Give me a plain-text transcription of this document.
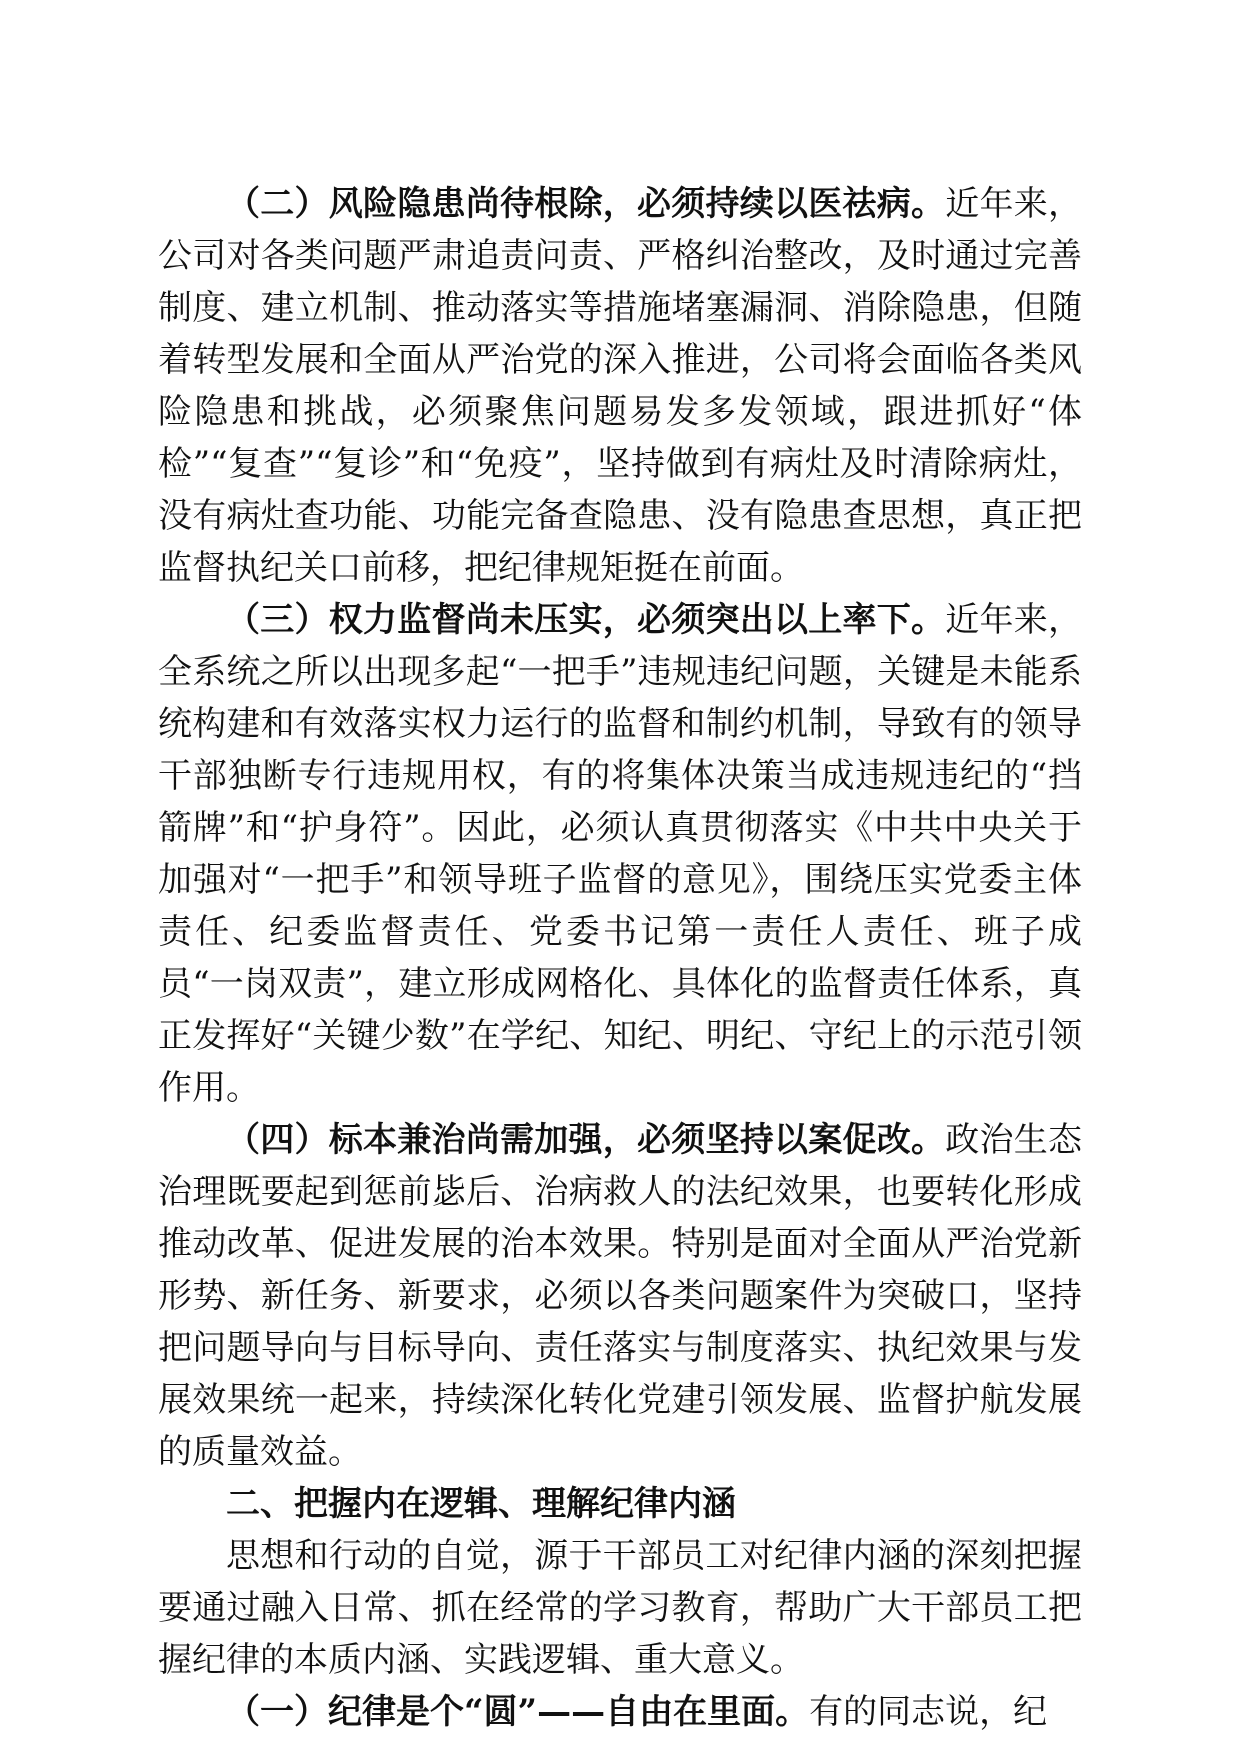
（二）风险隐患尚待根除，必须持续以医祛病。近年来，公司对各类问题严肃追责问责、严格纠治整改，及时通过完善制度、建立机制、推动落实等措施堵塞漏洞、消除隐患，但随着转型发展和全面从严治党的深入推进，公司将会面临各类风险隐患和挑战，必须聚焦问题易发多发领域，跟进抓好“体检”“复查”“复诊”和“免疫”，坚持做到有病灶及时清除病灶，没有病灶查功能、功能完备查隐患、没有隐患查思想，真正把监督执纪关口前移，把纪律规矩挺在前面。

（三）权力监督尚未压实，必须突出以上率下。近年来，全系统之所以出现多起“一把手”违规违纪问题，关键是未能系统构建和有效落实权力运行的监督和制约机制，导致有的领导干部独断专行违规用权，有的将集体决策当成违规违纪的“挡箭牌”和“护身符”。因此，必须认真贯彻落实《中共中央关于加强对“一把手”和领导班子监督的意见》，围绕压实党委主体责任、纪委监督责任、党委书记第一责任人责任、班子成员“一岗双责”，建立形成网格化、具体化的监督责任体系，真正发挥好“关键少数”在学纪、知纪、明纪、守纪上的示范引领作用。

（四）标本兼治尚需加强，必须坚持以案促改。政治生态治理既要起到惩前毖后、治病救人的法纪效果，也要转化形成推动改革、促进发展的治本效果。特别是面对全面从严治党新形势、新任务、新要求，必须以各类问题案件为突破口，坚持把问题导向与目标导向、责任落实与制度落实、执纪效果与发展效果统一起来，持续深化转化党建引领发展、监督护航发展的质量效益。

二、把握内在逻辑、理解纪律内涵

思想和行动的自觉，源于干部员工对纪律内涵的深刻把握要通过融入日常、抓在经常的学习教育，帮助广大干部员工把握纪律的本质内涵、实践逻辑、重大意义。

（一）纪律是个“圆”——自由在里面。有的同志说，纪
